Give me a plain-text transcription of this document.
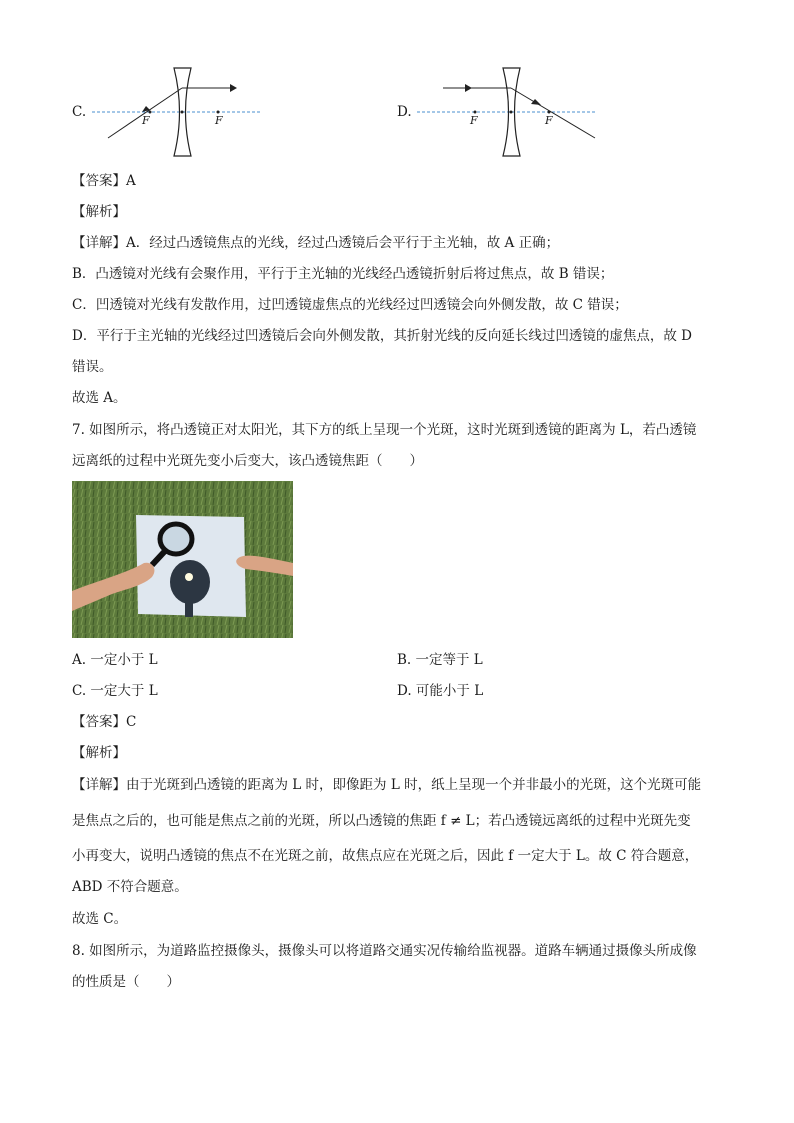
C.
F	F
D.
F	F
【答案】A
【解析】
【详解】A．经过凸透镜焦点的光线，经过凸透镜后会平行于主光轴，故 A 正确；
B．凸透镜对光线有会聚作用，平行于主光轴的光线经凸透镜折射后将过焦点，故 B 错误；
C．凹透镜对光线有发散作用，过凹透镜虚焦点的光线经过凹透镜会向外侧发散，故 C 错误；
D．平行于主光轴的光线经过凹透镜后会向外侧发散，其折射光线的反向延长线过凹透镜的虚焦点，故 D
错误。
故选 A。
7. 如图所示，将凸透镜正对太阳光，其下方的纸上呈现一个光斑，这时光斑到透镜的距离为 L，若凸透镜
远离纸的过程中光斑先变小后变大，该凸透镜焦距（　　）
A. 一定小于 L	B. 一定等于 L
C. 一定大于 L	D. 可能小于 L
【答案】C
【解析】
【详解】由于光斑到凸透镜的距离为 L 时，即像距为 L 时，纸上呈现一个并非最小的光斑，这个光斑可能
是焦点之后的，也可能是焦点之前的光斑，所以凸透镜的焦距 f ≠ L；若凸透镜远离纸的过程中光斑先变
小再变大，说明凸透镜的焦点不在光斑之前，故焦点应在光斑之后，因此 f 一定大于 L。故 C 符合题意，
ABD 不符合题意。
故选 C。
8. 如图所示，为道路监控摄像头，摄像头可以将道路交通实况传输给监视器。道路车辆通过摄像头所成像
的性质是（　　）
